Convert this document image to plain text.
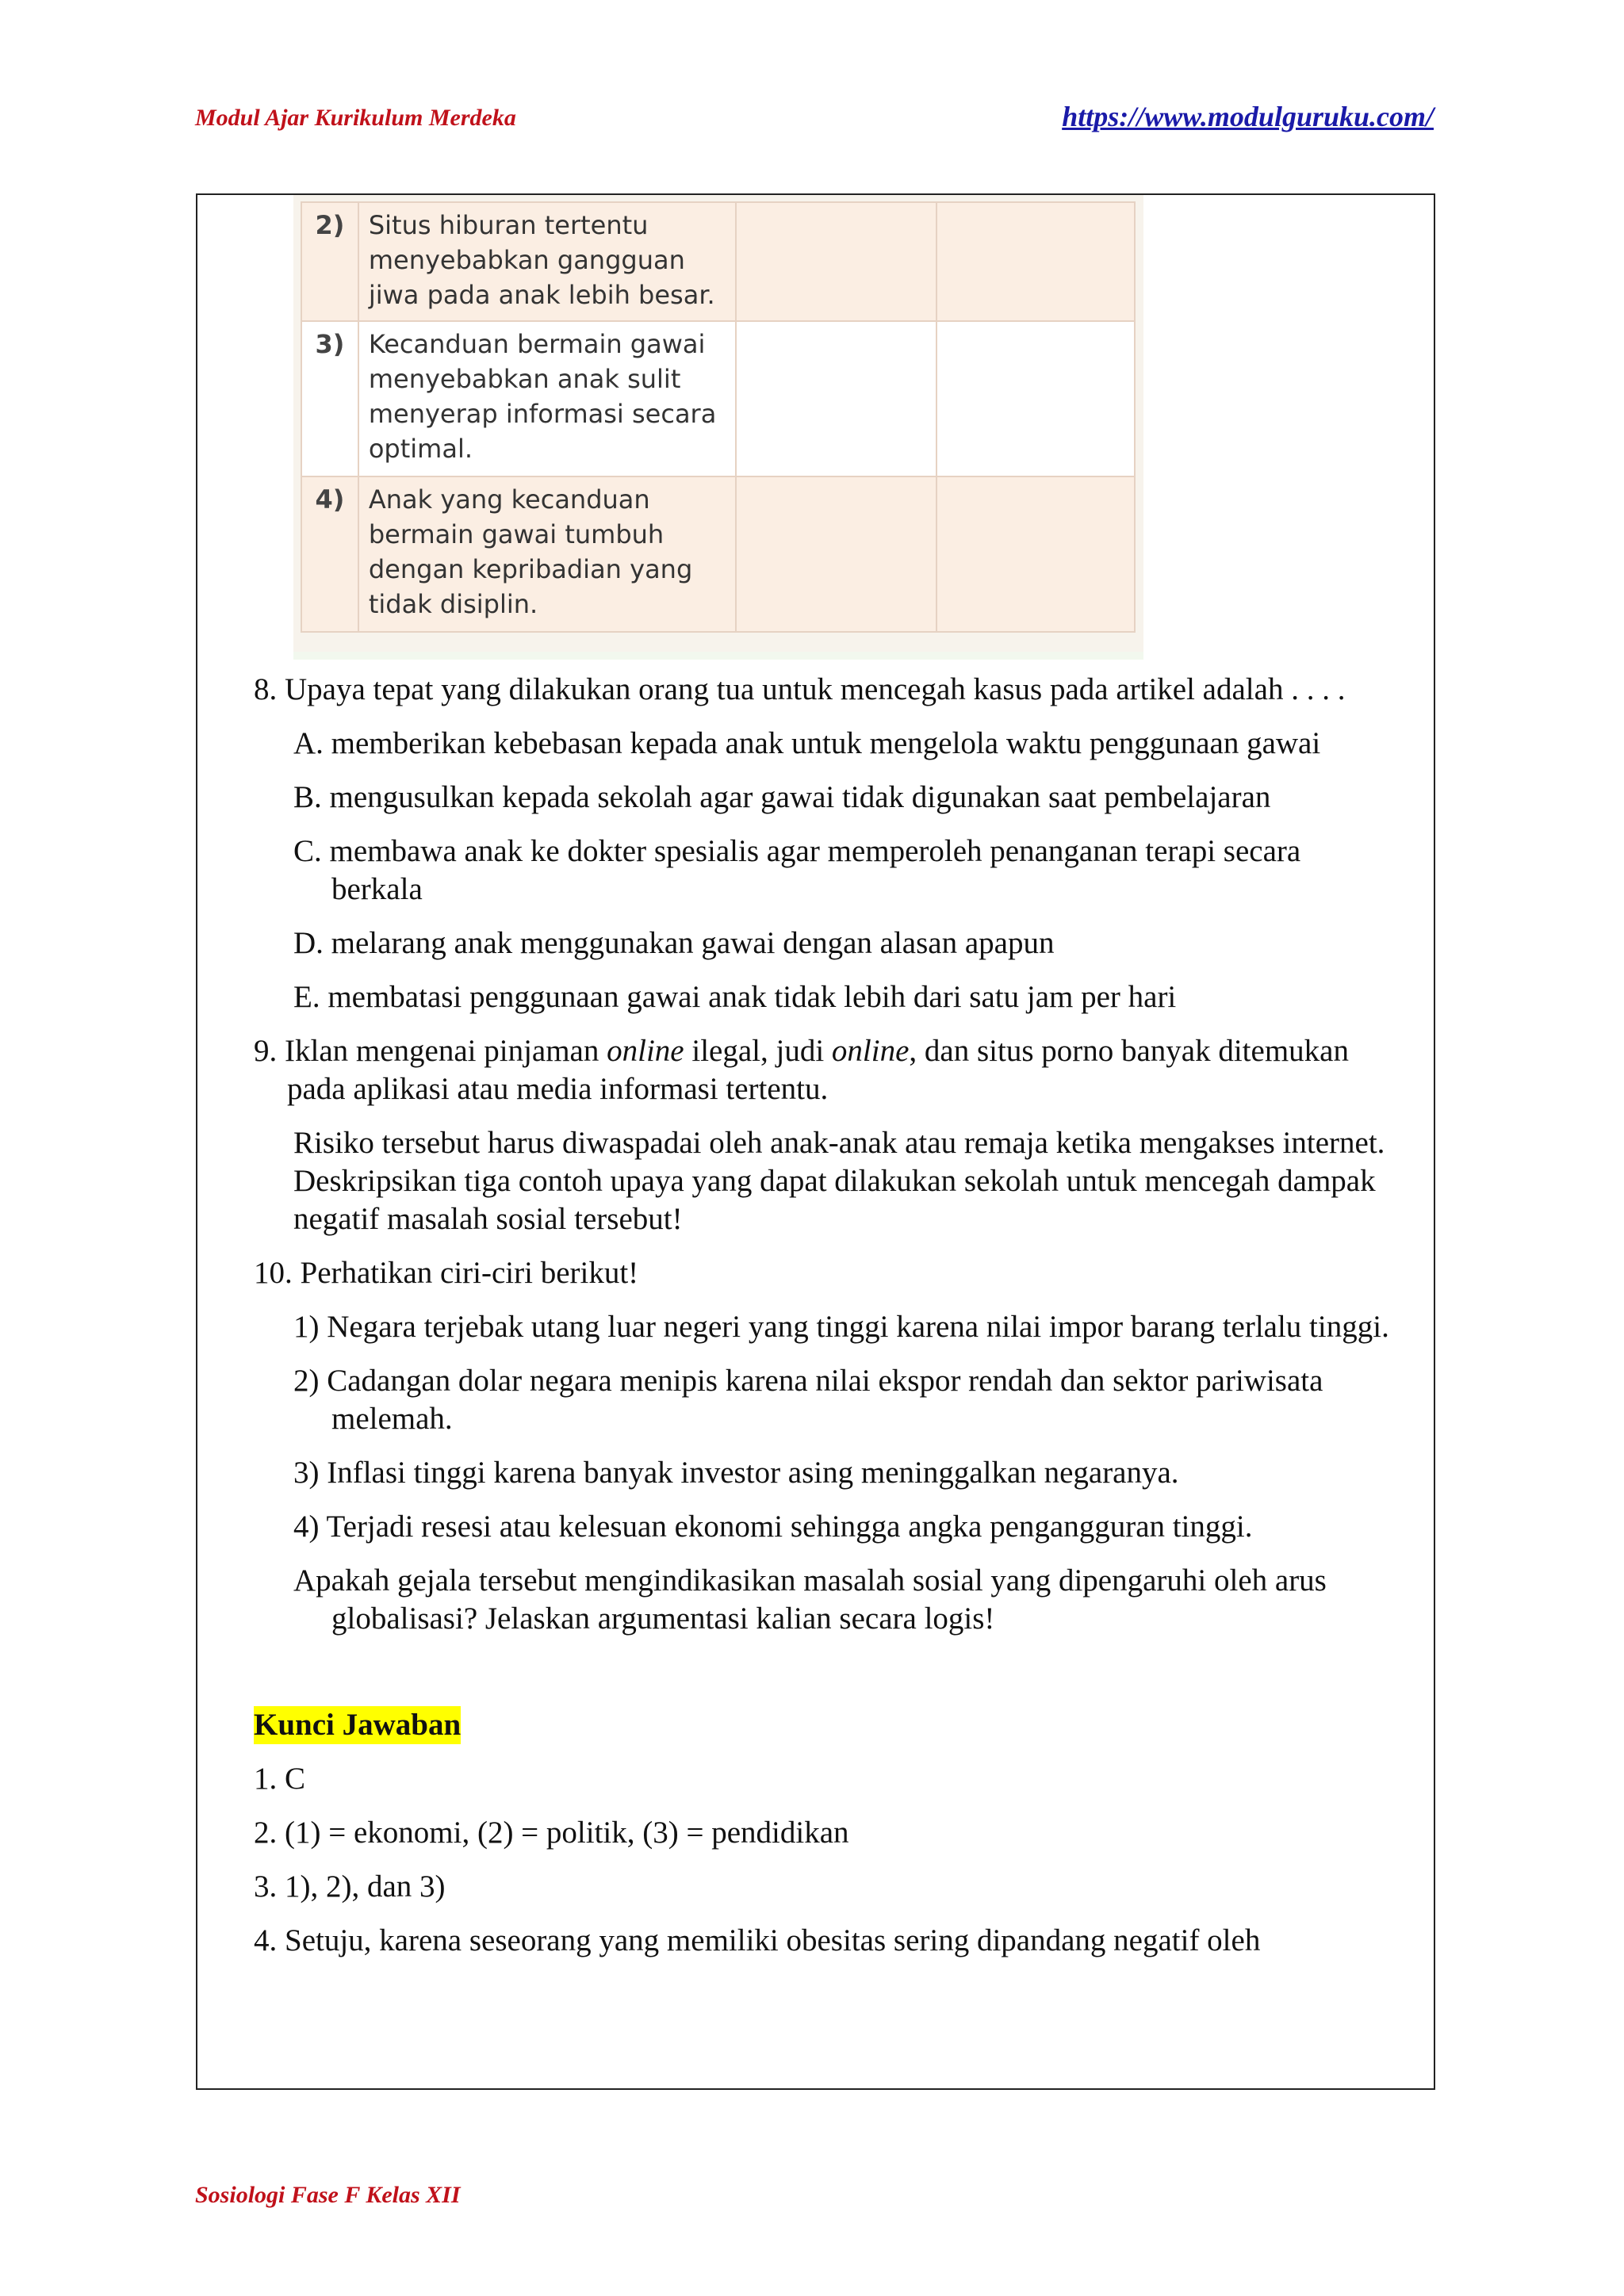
Modul Ajar Kurikulum Merdeka	https://www.modulguruku.com/
2)	Situs hiburan tertentu menyebabkan gangguan jiwa pada anak lebih besar.		
3)	Kecanduan bermain gawai menyebabkan anak sulit menyerap informasi secara optimal.		
4)	Anak yang kecanduan bermain gawai tumbuh dengan kepribadian yang tidak disiplin.		
8. Upaya tepat yang dilakukan orang tua untuk mencegah kasus pada artikel adalah . . . .
A. memberikan kebebasan kepada anak untuk mengelola waktu penggunaan gawai
B. mengusulkan kepada sekolah agar gawai tidak digunakan saat pembelajaran
C. membawa anak ke dokter spesialis agar memperoleh penanganan terapi secara berkala
D. melarang anak menggunakan gawai dengan alasan apapun
E. membatasi penggunaan gawai anak tidak lebih dari satu jam per hari
9. Iklan mengenai pinjaman online ilegal, judi online, dan situs porno banyak ditemukan pada aplikasi atau media informasi tertentu.
Risiko tersebut harus diwaspadai oleh anak-anak atau remaja ketika mengakses internet. Deskripsikan tiga contoh upaya yang dapat dilakukan sekolah untuk mencegah dampak negatif masalah sosial tersebut!
10. Perhatikan ciri-ciri berikut!
1) Negara terjebak utang luar negeri yang tinggi karena nilai impor barang terlalu tinggi.
2) Cadangan dolar negara menipis karena nilai ekspor rendah dan sektor pariwisata melemah.
3) Inflasi tinggi karena banyak investor asing meninggalkan negaranya.
4) Terjadi resesi atau kelesuan ekonomi sehingga angka pengangguran tinggi.
Apakah gejala tersebut mengindikasikan masalah sosial yang dipengaruhi oleh arus globalisasi? Jelaskan argumentasi kalian secara logis!
Kunci Jawaban
1. C
2. (1) = ekonomi, (2) = politik, (3) = pendidikan
3. 1), 2), dan 3)
4. Setuju, karena seseorang yang memiliki obesitas sering dipandang negatif oleh
Sosiologi Fase F Kelas XII
